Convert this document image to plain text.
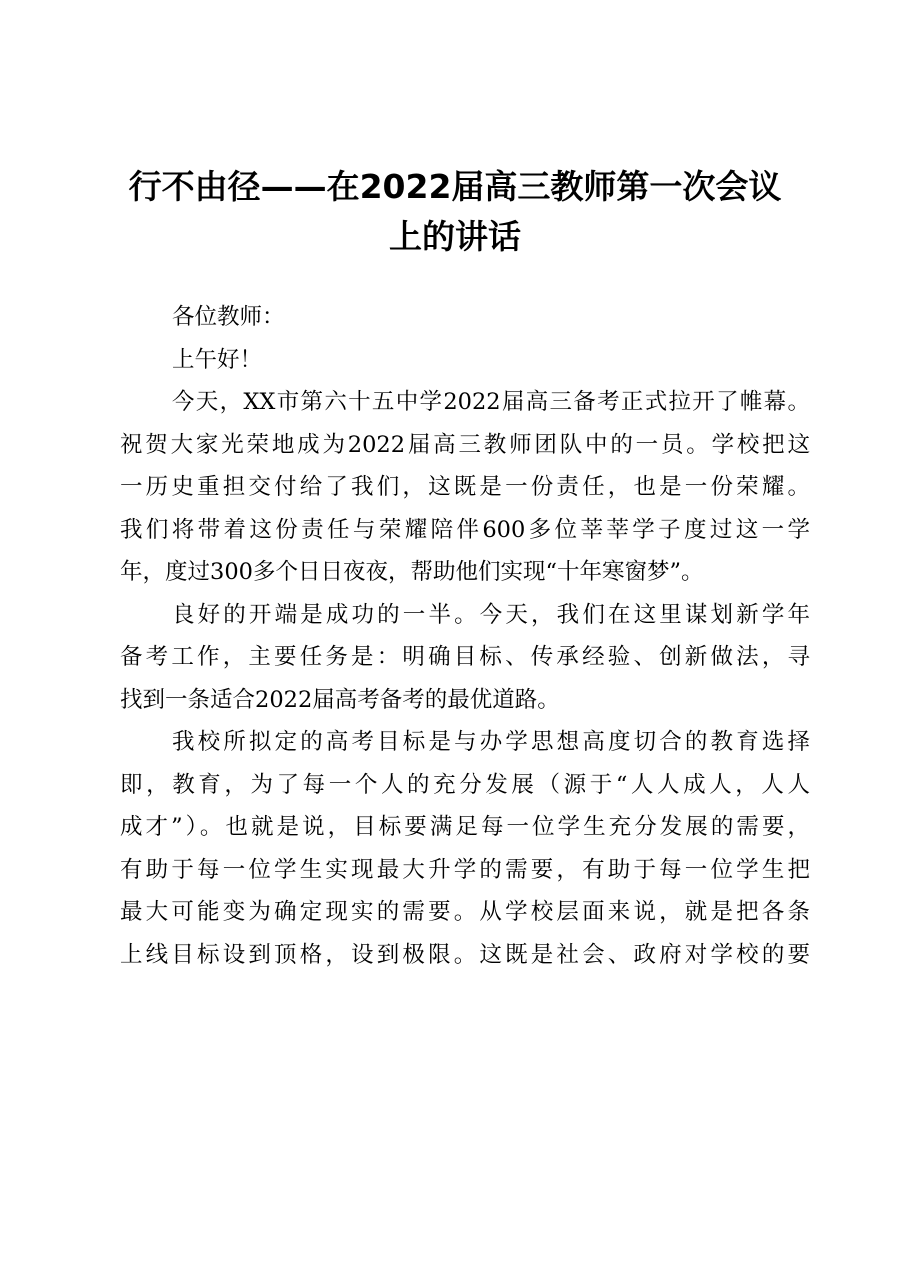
行不由径——在2022届高三教师第一次会议
上的讲话
各位教师：
上午好！
今天，XX市第六十五中学2022届高三备考正式拉开了帷幕。
祝贺大家光荣地成为2022届高三教师团队中的一员。学校把这
一历史重担交付给了我们，这既是一份责任，也是一份荣耀。
我们将带着这份责任与荣耀陪伴600多位莘莘学子度过这一学
年，度过300多个日日夜夜，帮助他们实现“十年寒窗梦”。
良好的开端是成功的一半。今天，我们在这里谋划新学年
备考工作，主要任务是：明确目标、传承经验、创新做法，寻
找到一条适合2022届高考备考的最优道路。
我校所拟定的高考目标是与办学思想高度切合的教育选择
即，教育，为了每一个人的充分发展（源于“人人成人，人人
成才”）。也就是说，目标要满足每一位学生充分发展的需要，
有助于每一位学生实现最大升学的需要，有助于每一位学生把
最大可能变为确定现实的需要。从学校层面来说，就是把各条
上线目标设到顶格，设到极限。这既是社会、政府对学校的要
